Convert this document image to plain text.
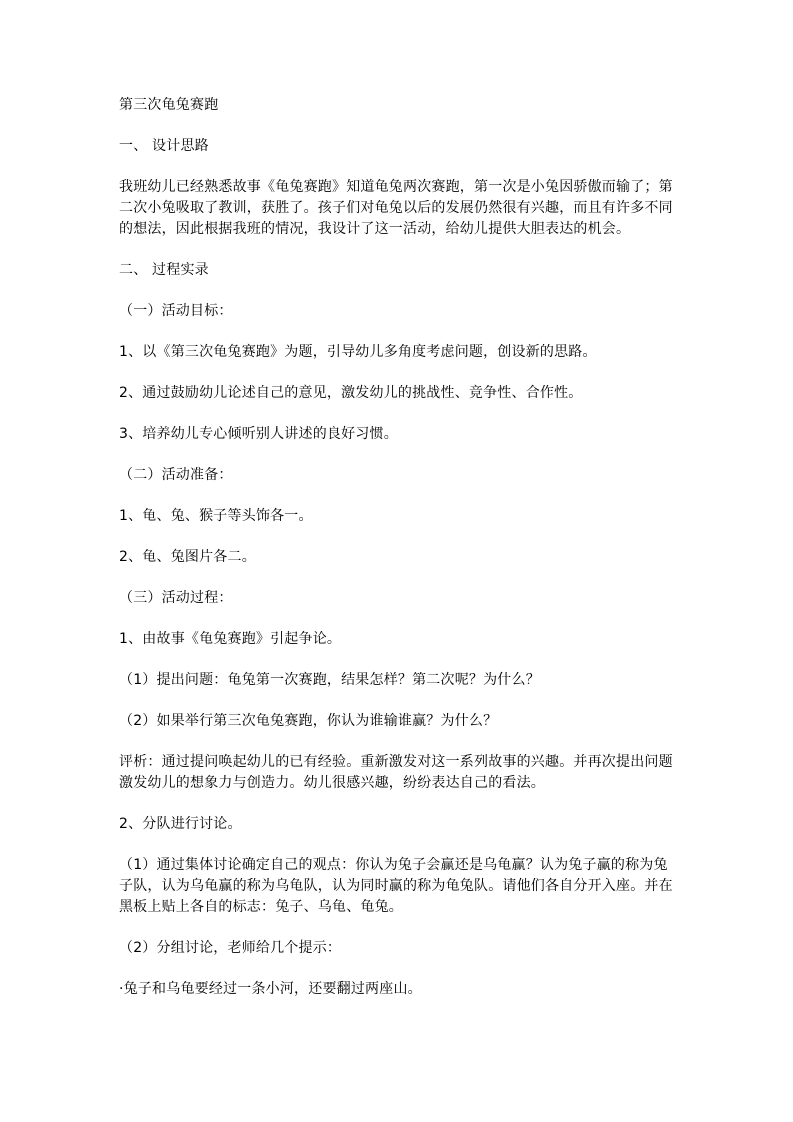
第三次龟兔赛跑

一、 设计思路

我班幼儿已经熟悉故事《龟兔赛跑》知道龟兔两次赛跑，第一次是小兔因骄傲而输了；第二次小兔吸取了教训，获胜了。孩子们对龟兔以后的发展仍然很有兴趣，而且有许多不同的想法，因此根据我班的情况，我设计了这一活动，给幼儿提供大胆表达的机会。

二、 过程实录

（一）活动目标：

1、以《第三次龟兔赛跑》为题，引导幼儿多角度考虑问题，创设新的思路。

2、通过鼓励幼儿论述自己的意见，激发幼儿的挑战性、竞争性、合作性。

3、培养幼儿专心倾听别人讲述的良好习惯。

（二）活动准备：

1、龟、兔、猴子等头饰各一。

2、龟、兔图片各二。

（三）活动过程：

1、由故事《龟兔赛跑》引起争论。

（1）提出问题：龟兔第一次赛跑，结果怎样？第二次呢？为什么？

（2）如果举行第三次龟兔赛跑，你认为谁输谁赢？为什么？

评析：通过提问唤起幼儿的已有经验。重新激发对这一系列故事的兴趣。并再次提出问题激发幼儿的想象力与创造力。幼儿很感兴趣，纷纷表达自己的看法。

2、分队进行讨论。

（1）通过集体讨论确定自己的观点：你认为兔子会赢还是乌龟赢？认为兔子赢的称为兔子队，认为乌龟赢的称为乌龟队，认为同时赢的称为龟兔队。请他们各自分开入座。并在黑板上贴上各自的标志：兔子、乌龟、龟兔。

（2）分组讨论，老师给几个提示：

·兔子和乌龟要经过一条小河，还要翻过两座山。
